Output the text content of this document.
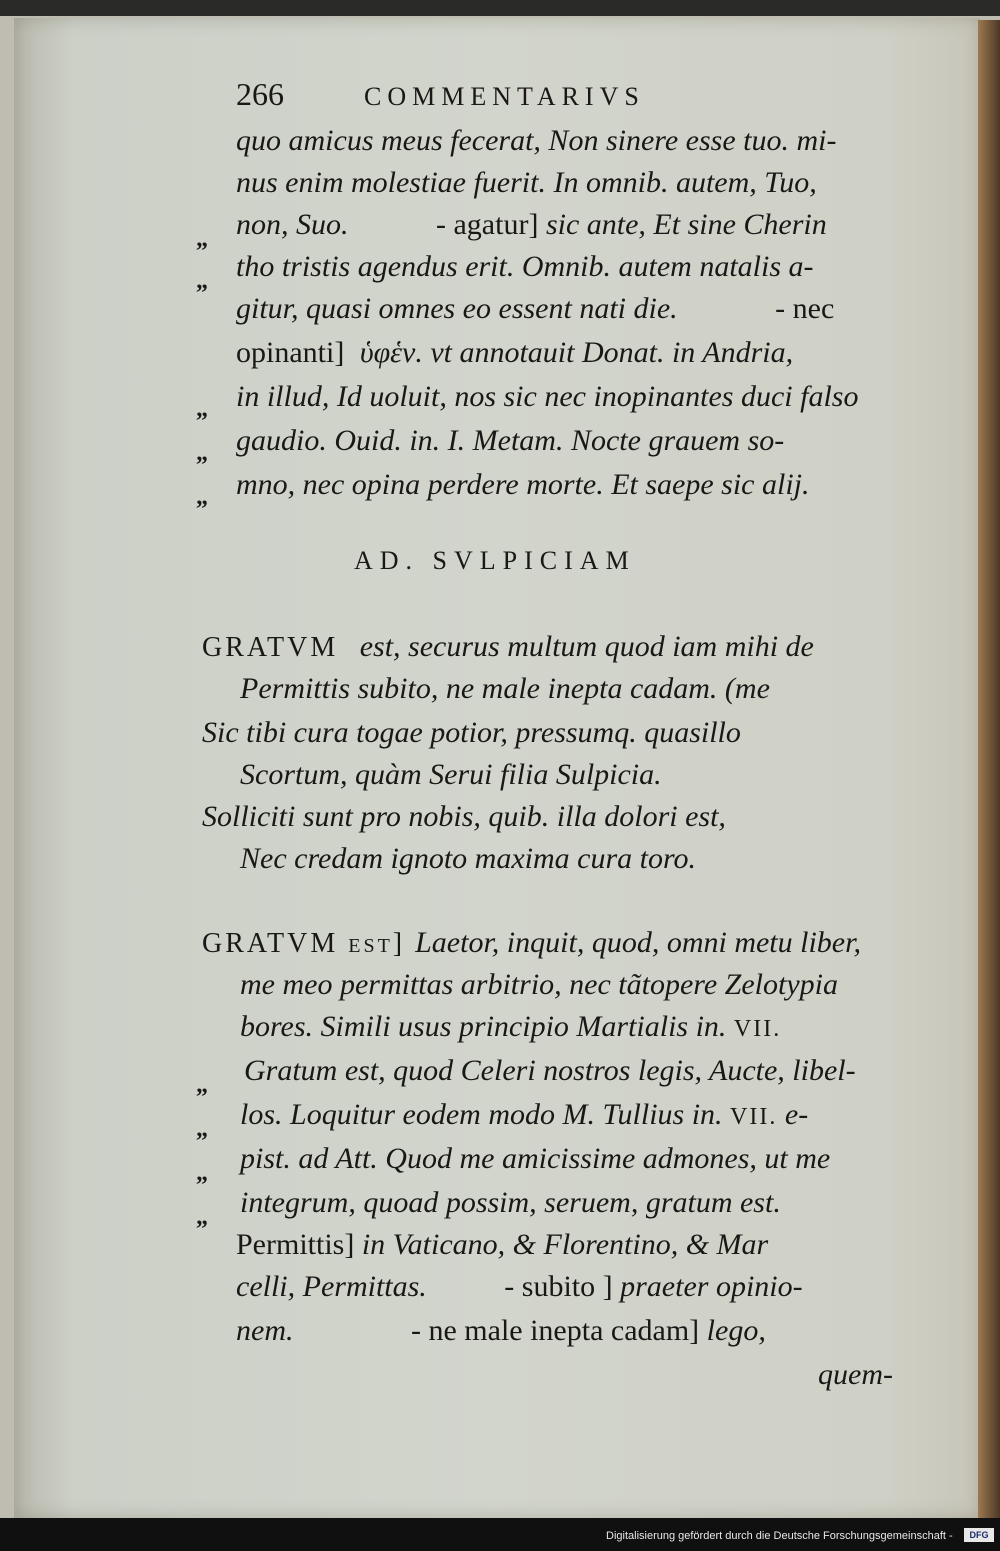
266	COMMENTARIVS
„
„
„
„
„
quo amicus meus fecerat, Non sinere esse tuo. mi-
nus enim molestiae fuerit. In omnib. autem, Tuo,
non, Suo.	- agatur] sic ante, Et sine Cherin
tho tristis agendus erit. Omnib. autem natalis a-
gitur, quasi omnes eo essent nati die.	- nec
opinanti] ὑφἑν. vt annotauit Donat. in Andria,
in illud, Id uoluit, nos sic nec inopinantes duci falso
gaudio. Ouid. in. I. Metam. Nocte grauem so-
mno, nec opina perdere morte. Et saepe sic alij.
AD. SVLPICIAM
GRATVM est, securus multum quod iam mihi de
Permittis subito, ne male inepta cadam. (me
Sic tibi cura togae potior, pressumq. quasillo
Scortum, quàm Serui filia Sulpicia.
Solliciti sunt pro nobis, quib. illa dolori est,
Nec credam ignoto maxima cura toro.
„
„
„
„
GRATVM est] Laetor, inquit, quod, omni metu liber,
me meo permittas arbitrio, nec tãtopere Zelotypia
bores. Simili usus principio Martialis in. VII.
Gratum est, quod Celeri nostros legis, Aucte, libel-
los. Loquitur eodem modo M. Tullius in. VII. e-
pist. ad Att. Quod me amicissime admones, ut me
integrum, quoad possim, seruem, gratum est.
Permittis] in Vaticano, & Florentino, & Mar
celli, Permittas.	- subito ] praeter opinio-
nem.	- ne male inepta cadam] lego,
quem-
Digitalisierung gefördert durch die Deutsche Forschungsgemeinschaft -	DFG
